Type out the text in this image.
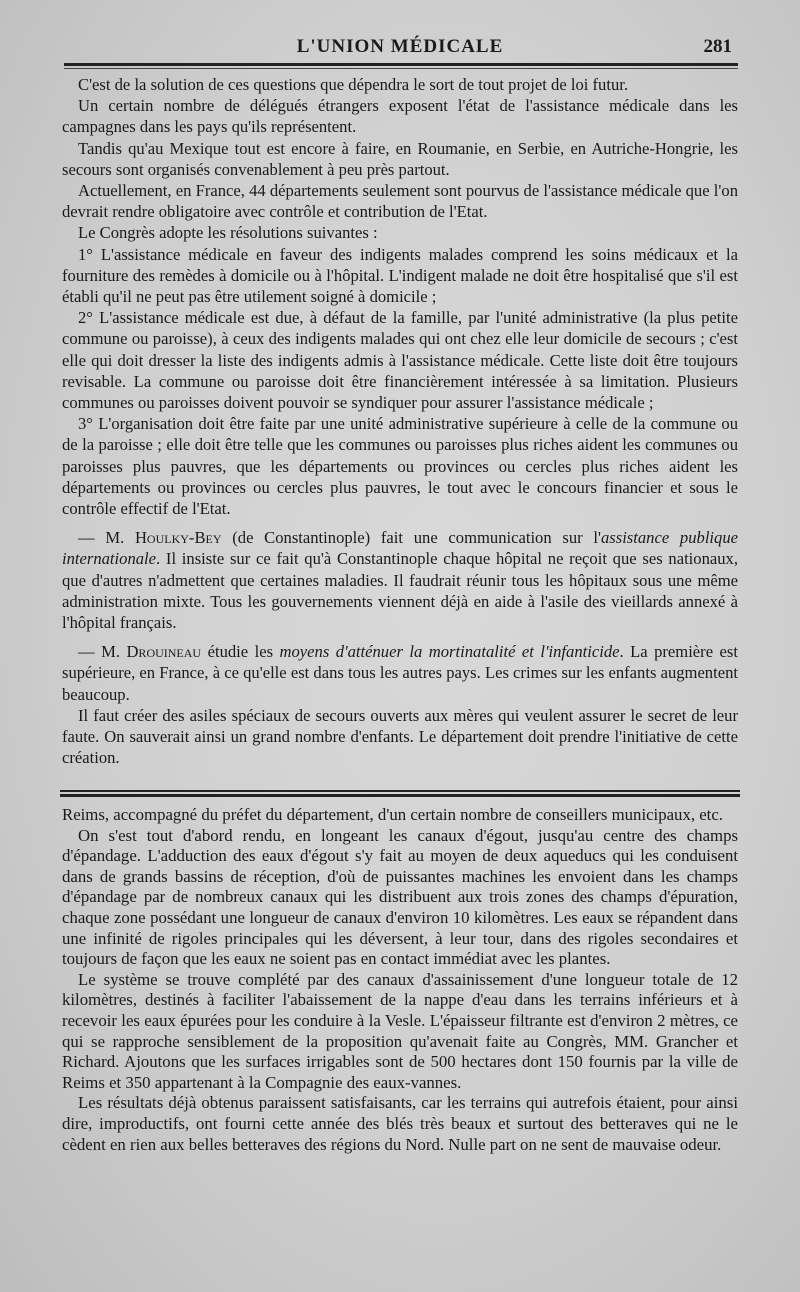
L'UNION MÉDICALE	281

C'est de la solution de ces questions que dépendra le sort de tout projet de loi futur.

Un certain nombre de délégués étrangers exposent l'état de l'assistance médicale dans les campagnes dans les pays qu'ils représentent.

Tandis qu'au Mexique tout est encore à faire, en Roumanie, en Serbie, en Autriche-Hongrie, les secours sont organisés convenablement à peu près partout.

Actuellement, en France, 44 départements seulement sont pourvus de l'assistance médicale que l'on devrait rendre obligatoire avec contrôle et contribution de l'Etat.

Le Congrès adopte les résolutions suivantes :

1° L'assistance médicale en faveur des indigents malades comprend les soins médicaux et la fourniture des remèdes à domicile ou à l'hôpital. L'indigent malade ne doit être hospitalisé que s'il est établi qu'il ne peut pas être utilement soigné à domicile ;

2° L'assistance médicale est due, à défaut de la famille, par l'unité administrative (la plus petite commune ou paroisse), à ceux des indigents malades qui ont chez elle leur domicile de secours ; c'est elle qui doit dresser la liste des indigents admis à l'assistance médicale. Cette liste doit être toujours revisable. La commune ou paroisse doit être financièrement intéressée à sa limitation. Plusieurs communes ou paroisses doivent pouvoir se syndiquer pour assurer l'assistance médicale ;

3° L'organisation doit être faite par une unité administrative supérieure à celle de la commune ou de la paroisse ; elle doit être telle que les communes ou paroisses plus riches aident les communes ou paroisses plus pauvres, que les départements ou provinces ou cercles plus riches aident les départements ou provinces ou cercles plus pauvres, le tout avec le concours financier et sous le contrôle effectif de l'Etat.

— M. Houlky-Bey (de Constantinople) fait une communication sur l'assistance publique internationale. Il insiste sur ce fait qu'à Constantinople chaque hôpital ne reçoit que ses nationaux, que d'autres n'admettent que certaines maladies. Il faudrait réunir tous les hôpitaux sous une même administration mixte. Tous les gouvernements viennent déjà en aide à l'asile des vieillards annexé à l'hôpital français.

— M. Drouineau étudie les moyens d'atténuer la mortinatalité et l'infanticide. La première est supérieure, en France, à ce qu'elle est dans tous les autres pays. Les crimes sur les enfants augmentent beaucoup.

Il faut créer des asiles spéciaux de secours ouverts aux mères qui veulent assurer le secret de leur faute. On sauverait ainsi un grand nombre d'enfants. Le département doit prendre l'initiative de cette création.

Reims, accompagné du préfet du département, d'un certain nombre de conseillers municipaux, etc.

On s'est tout d'abord rendu, en longeant les canaux d'égout, jusqu'au centre des champs d'épandage. L'adduction des eaux d'égout s'y fait au moyen de deux aqueducs qui les conduisent dans de grands bassins de réception, d'où de puissantes machines les envoient dans les champs d'épandage par de nombreux canaux qui les distribuent aux trois zones des champs d'épuration, chaque zone possédant une longueur de canaux d'environ 10 kilomètres. Les eaux se répandent dans une infinité de rigoles principales qui les déversent, à leur tour, dans des rigoles secondaires et toujours de façon que les eaux ne soient pas en contact immédiat avec les plantes.

Le système se trouve complété par des canaux d'assainissement d'une longueur totale de 12 kilomètres, destinés à faciliter l'abaissement de la nappe d'eau dans les terrains inférieurs et à recevoir les eaux épurées pour les conduire à la Vesle. L'épaisseur filtrante est d'environ 2 mètres, ce qui se rapproche sensiblement de la proposition qu'avenait faite au Congrès, MM. Grancher et Richard. Ajoutons que les surfaces irrigables sont de 500 hectares dont 150 fournis par la ville de Reims et 350 appartenant à la Compagnie des eaux-vannes.

Les résultats déjà obtenus paraissent satisfaisants, car les terrains qui autrefois étaient, pour ainsi dire, improductifs, ont fourni cette année des blés très beaux et surtout des betteraves qui ne le cèdent en rien aux belles betteraves des régions du Nord. Nulle part on ne sent de mauvaise odeur.
